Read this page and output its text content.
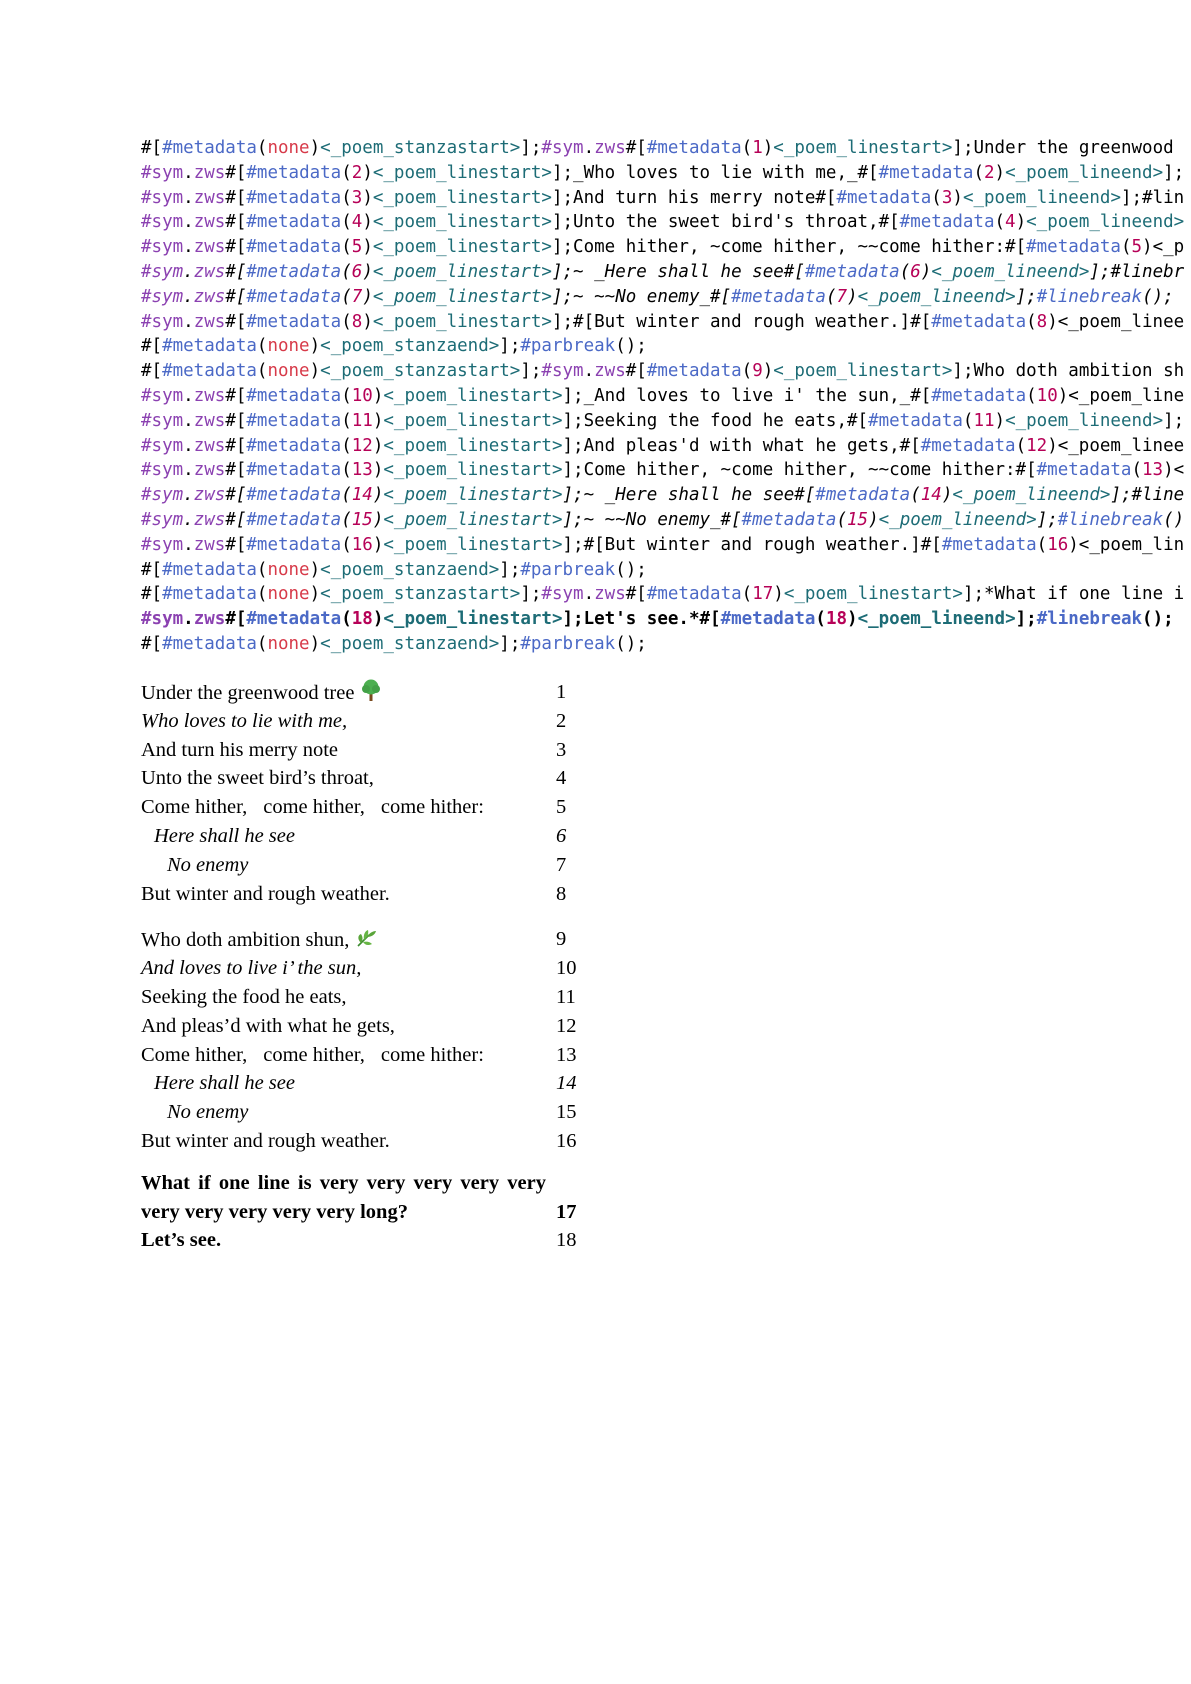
#[#metadata(none)<_poem_stanzastart>];#sym.zws#[#metadata(1)<_poem_linestart>];Under the greenwood
#sym.zws#[#metadata(2)<_poem_linestart>];_Who loves to lie with me,_#[#metadata(2)<_poem_lineend>];
#sym.zws#[#metadata(3)<_poem_linestart>];And turn his merry note#[#metadata(3)<_poem_lineend>];#lin
#sym.zws#[#metadata(4)<_poem_linestart>];Unto the sweet bird's throat,#[#metadata(4)<_poem_lineend>
#sym.zws#[#metadata(5)<_poem_linestart>];Come hither, ~come hither, ~~come hither:#[#metadata(5)<_p
#sym.zws#[#metadata(6)<_poem_linestart>];~ _Here shall he see#[#metadata(6)<_poem_lineend>];#linebr
#sym.zws#[#metadata(7)<_poem_linestart>];~ ~~No enemy_#[#metadata(7)<_poem_lineend>];#linebreak();
#sym.zws#[#metadata(8)<_poem_linestart>];#[But winter and rough weather.]#[#metadata(8)<_poem_linee
#[#metadata(none)<_poem_stanzaend>];#parbreak();
#[#metadata(none)<_poem_stanzastart>];#sym.zws#[#metadata(9)<_poem_linestart>];Who doth ambition sh
#sym.zws#[#metadata(10)<_poem_linestart>];_And loves to live i' the sun,_#[#metadata(10)<_poem_line
#sym.zws#[#metadata(11)<_poem_linestart>];Seeking the food he eats,#[#metadata(11)<_poem_lineend>];
#sym.zws#[#metadata(12)<_poem_linestart>];And pleas'd with what he gets,#[#metadata(12)<_poem_linee
#sym.zws#[#metadata(13)<_poem_linestart>];Come hither, ~come hither, ~~come hither:#[#metadata(13)<
#sym.zws#[#metadata(14)<_poem_linestart>];~ _Here shall he see#[#metadata(14)<_poem_lineend>];#line
#sym.zws#[#metadata(15)<_poem_linestart>];~ ~~No enemy_#[#metadata(15)<_poem_lineend>];#linebreak()
#sym.zws#[#metadata(16)<_poem_linestart>];#[But winter and rough weather.]#[#metadata(16)<_poem_lin
#[#metadata(none)<_poem_stanzaend>];#parbreak();
#[#metadata(none)<_poem_stanzastart>];#sym.zws#[#metadata(17)<_poem_linestart>];*What if one line i
#sym.zws#[#metadata(18)<_poem_linestart>];Let's see.*#[#metadata(18)<_poem_lineend>];#linebreak();
#[#metadata(none)<_poem_stanzaend>];#parbreak();
Under the greenwood tree	1
Who loves to lie with me,	2
And turn his merry note	3
Unto the sweet bird’s throat,	4
Come hither, come hither, come hither:	5
Here shall he see	6
No enemy	7
But winter and rough weather.	8
Who doth ambition shun,	9
And loves to live i’ the sun,	10
Seeking the food he eats,	11
And pleas’d with what he gets,	12
Come hither, come hither, come hither:	13
Here shall he see	14
No enemy	15
But winter and rough weather.	16
What if one line is very very very very very very very very very very long?	17
Let’s see.	18
